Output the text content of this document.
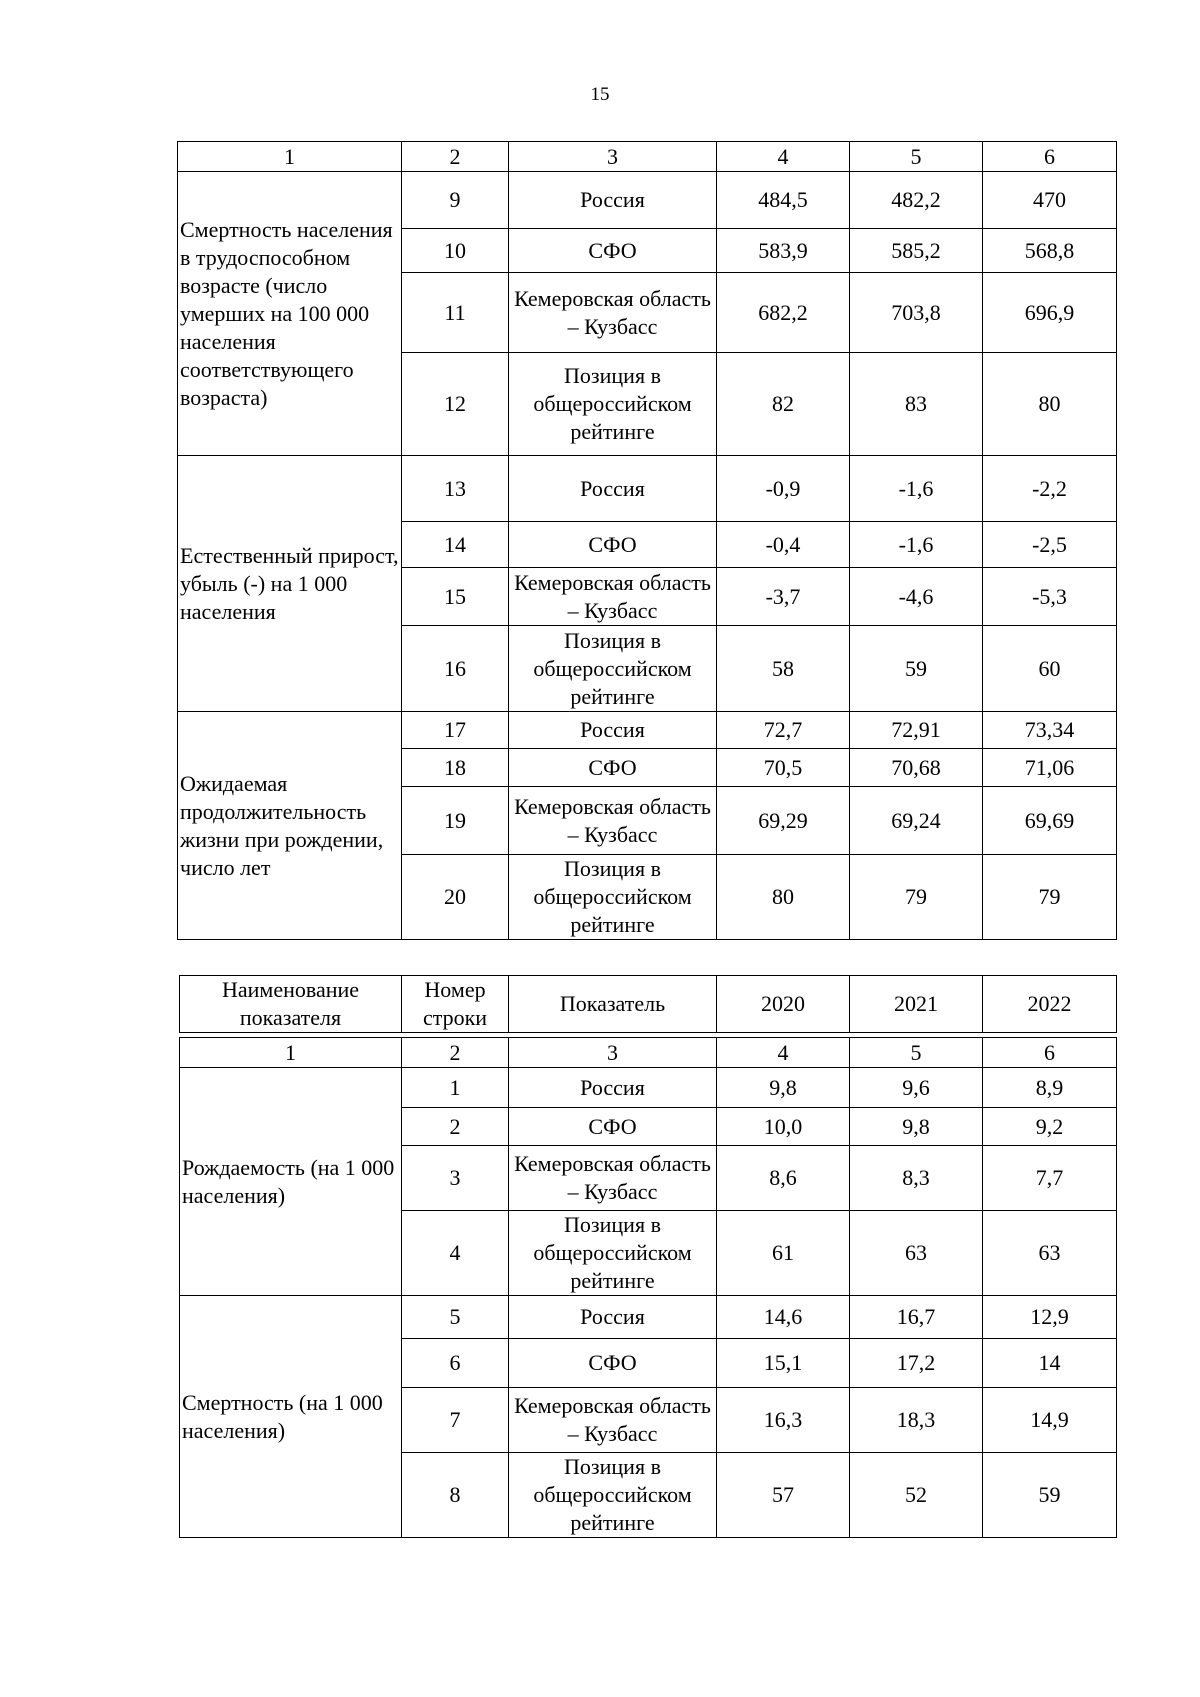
15
1	2	3	4	5	6
Смертность населения в трудоспособном возрасте (число умерших на 100 000 населения соответствующего возраста)	9	Россия	484,5	482,2	470
	10	СФО	583,9	585,2	568,8
	11	Кемеровская область – Кузбасс	682,2	703,8	696,9
	12	Позиция в общероссийском рейтинге	82	83	80
Естественный прирост, убыль (-) на 1 000 населения	13	Россия	-0,9	-1,6	-2,2
	14	СФО	-0,4	-1,6	-2,5
	15	Кемеровская область – Кузбасс	-3,7	-4,6	-5,3
	16	Позиция в общероссийском рейтинге	58	59	60
Ожидаемая продолжительность жизни при рождении, число лет	17	Россия	72,7	72,91	73,34
	18	СФО	70,5	70,68	71,06
	19	Кемеровская область – Кузбасс	69,29	69,24	69,69
	20	Позиция в общероссийском рейтинге	80	79	79
Наименование показателя	Номер строки	Показатель	2020	2021	2022
1	2	3	4	5	6
Рождаемость (на 1 000 населения)	1	Россия	9,8	9,6	8,9
	2	СФО	10,0	9,8	9,2
	3	Кемеровская область – Кузбасс	8,6	8,3	7,7
	4	Позиция в общероссийском рейтинге	61	63	63
Смертность (на 1 000 населения)	5	Россия	14,6	16,7	12,9
	6	СФО	15,1	17,2	14
	7	Кемеровская область – Кузбасс	16,3	18,3	14,9
	8	Позиция в общероссийском рейтинге	57	52	59
